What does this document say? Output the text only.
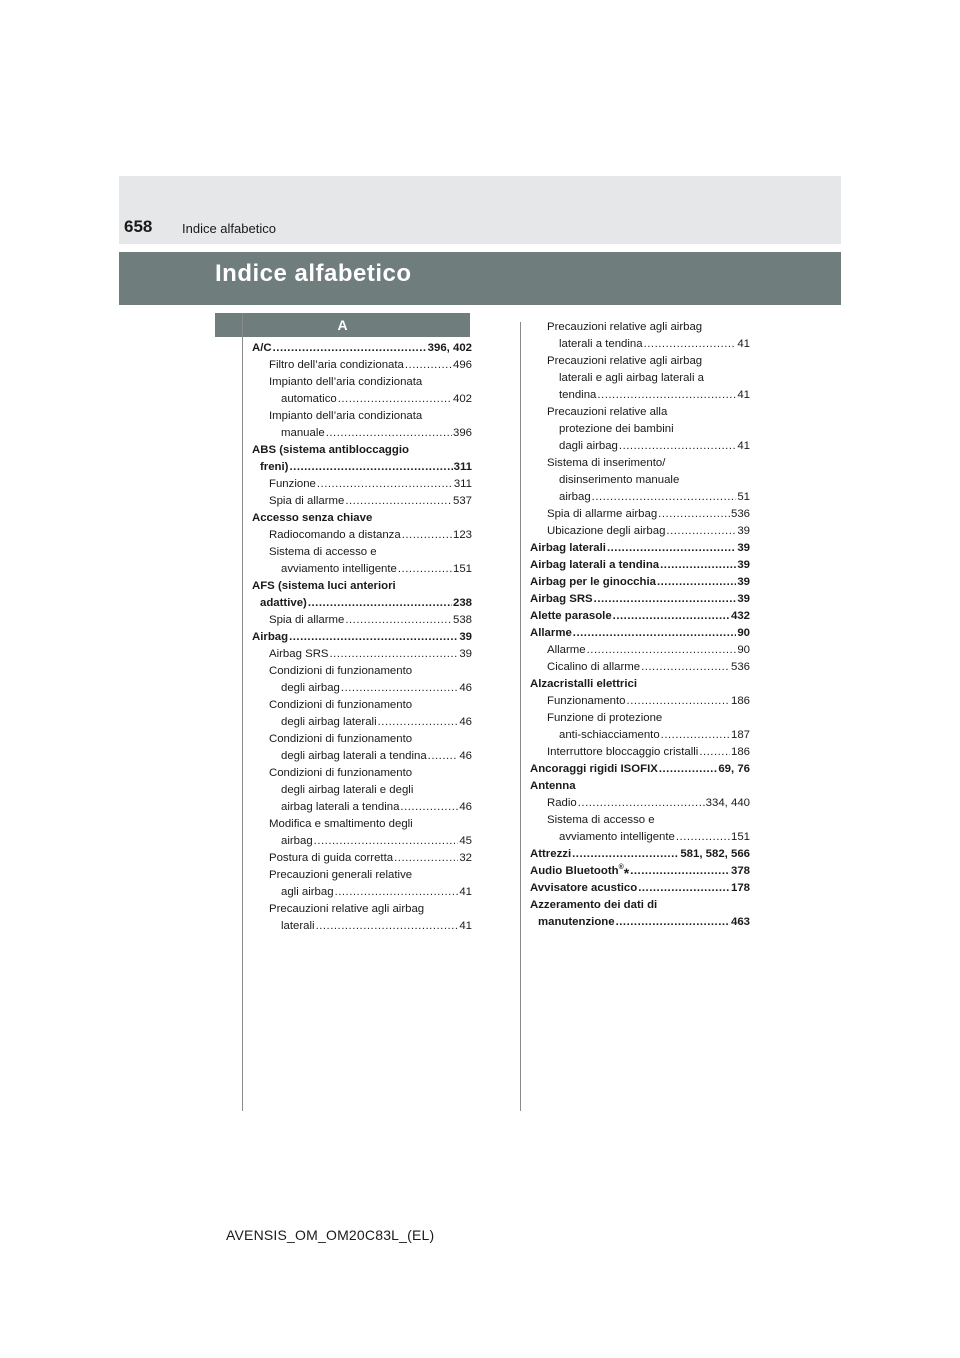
658 Indice alfabetico
Indice alfabetico
A
A/C .....	396, 402
Filtro dell’aria condizionata .....	496
Impianto dell’aria condizionata
automatico .....	402
Impianto dell’aria condizionata
manuale .....	396
ABS (sistema antibloccaggio
freni) .....	311
Funzione .....	311
Spia di allarme .....	537
Accesso senza chiave
Radiocomando a distanza .....	123
Sistema di accesso e
avviamento intelligente .....	151
AFS (sistema luci anteriori
adattive) .....	238
Spia di allarme .....	538
Airbag .....	39
Airbag SRS .....	39
Condizioni di funzionamento
degli airbag .....	46
Condizioni di funzionamento
degli airbag laterali .....	46
Condizioni di funzionamento
degli airbag laterali a tendina .....	46
Condizioni di funzionamento
degli airbag laterali e degli
airbag laterali a tendina .....	46
Modifica e smaltimento degli
airbag .....	45
Postura di guida corretta .....	32
Precauzioni generali relative
agli airbag .....	41
Precauzioni relative agli airbag
laterali .....	41
Precauzioni relative agli airbag
laterali a tendina .....	41
Precauzioni relative agli airbag
laterali e agli airbag laterali a
tendina .....	41
Precauzioni relative alla
protezione dei bambini
dagli airbag .....	41
Sistema di inserimento/
disinserimento manuale
airbag .....	51
Spia di allarme airbag .....	536
Ubicazione degli airbag .....	39
Airbag laterali .....	39
Airbag laterali a tendina .....	39
Airbag per le ginocchia .....	39
Airbag SRS .....	39
Alette parasole .....	432
Allarme .....	90
Allarme .....	90
Cicalino di allarme .....	536
Alzacristalli elettrici
Funzionamento .....	186
Funzione di protezione
anti-schiacciamento .....	187
Interruttore bloccaggio cristalli .....	186
Ancoraggi rigidi ISOFIX .....	69, 76
Antenna
Radio .....	334, 440
Sistema di accesso e
avviamento intelligente .....	151
Attrezzi .....	581, 582, 566
Audio Bluetooth®* .....	378
Avvisatore acustico .....	178
Azzeramento dei dati di
manutenzione .....	463
AVENSIS_OM_OM20C83L_(EL)
